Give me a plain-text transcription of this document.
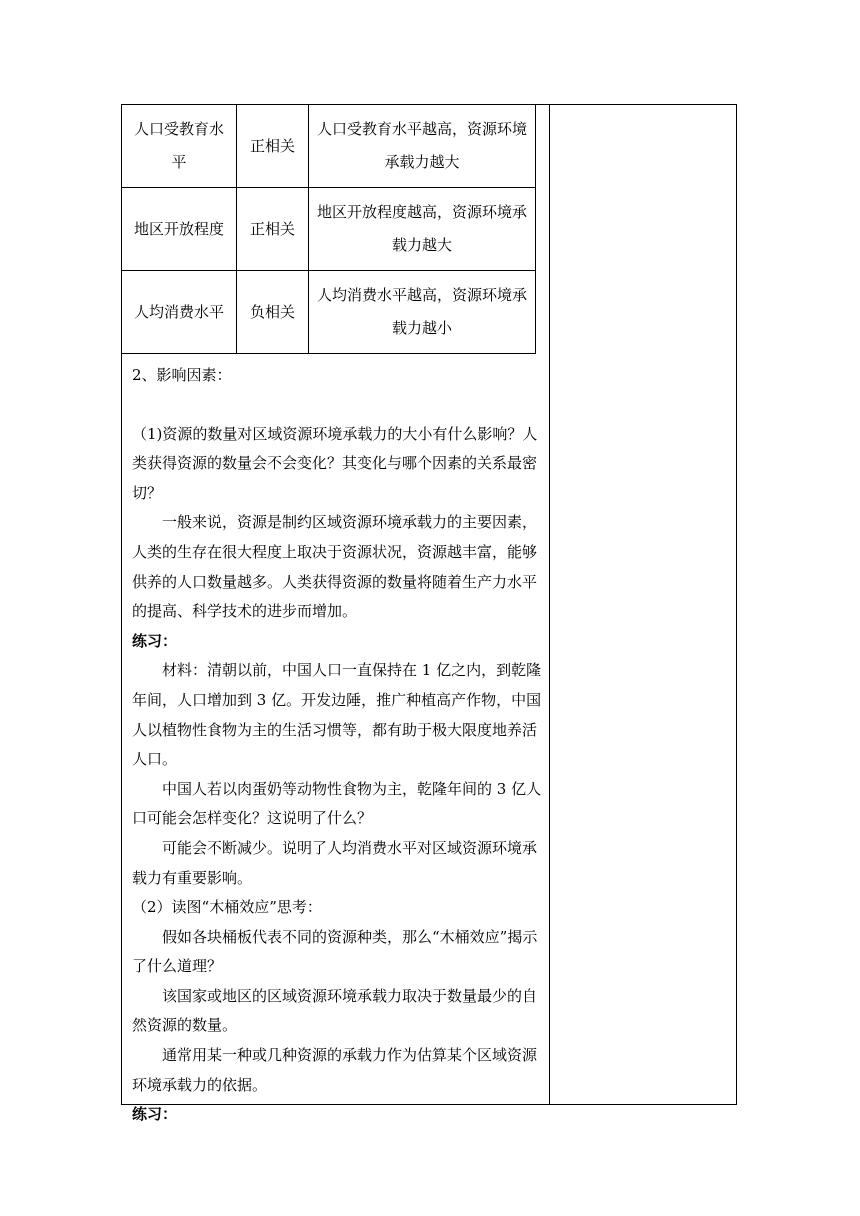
人口受教育水平	正相关	人口受教育水平越高，资源环境承载力越大
地区开放程度	正相关	地区开放程度越高，资源环境承载力越大
人均消费水平	负相关	人均消费水平越高，资源环境承载力越小

2、影响因素：

（1)资源的数量对区域资源环境承载力的大小有什么影响？人类获得资源的数量会不会变化？其变化与哪个因素的关系最密切？

一般来说，资源是制约区域资源环境承载力的主要因素，人类的生存在很大程度上取决于资源状况，资源越丰富，能够供养的人口数量越多。人类获得资源的数量将随着生产力水平的提高、科学技术的进步而增加。

练习：

材料：清朝以前，中国人口一直保持在 1 亿之内，到乾隆年间，人口增加到 3 亿。开发边陲，推广种植高产作物，中国人以植物性食物为主的生活习惯等，都有助于极大限度地养活人口。

中国人若以肉蛋奶等动物性食物为主，乾隆年间的 3 亿人口可能会怎样变化？这说明了什么？

可能会不断减少。说明了人均消费水平对区域资源环境承载力有重要影响。

（2）读图“木桶效应”思考：

假如各块桶板代表不同的资源种类，那么“木桶效应”揭示了什么道理？

该国家或地区的区域资源环境承载力取决于数量最少的自然资源的数量。

通常用某一种或几种资源的承载力作为估算某个区域资源环境承载力的依据。

练习：
